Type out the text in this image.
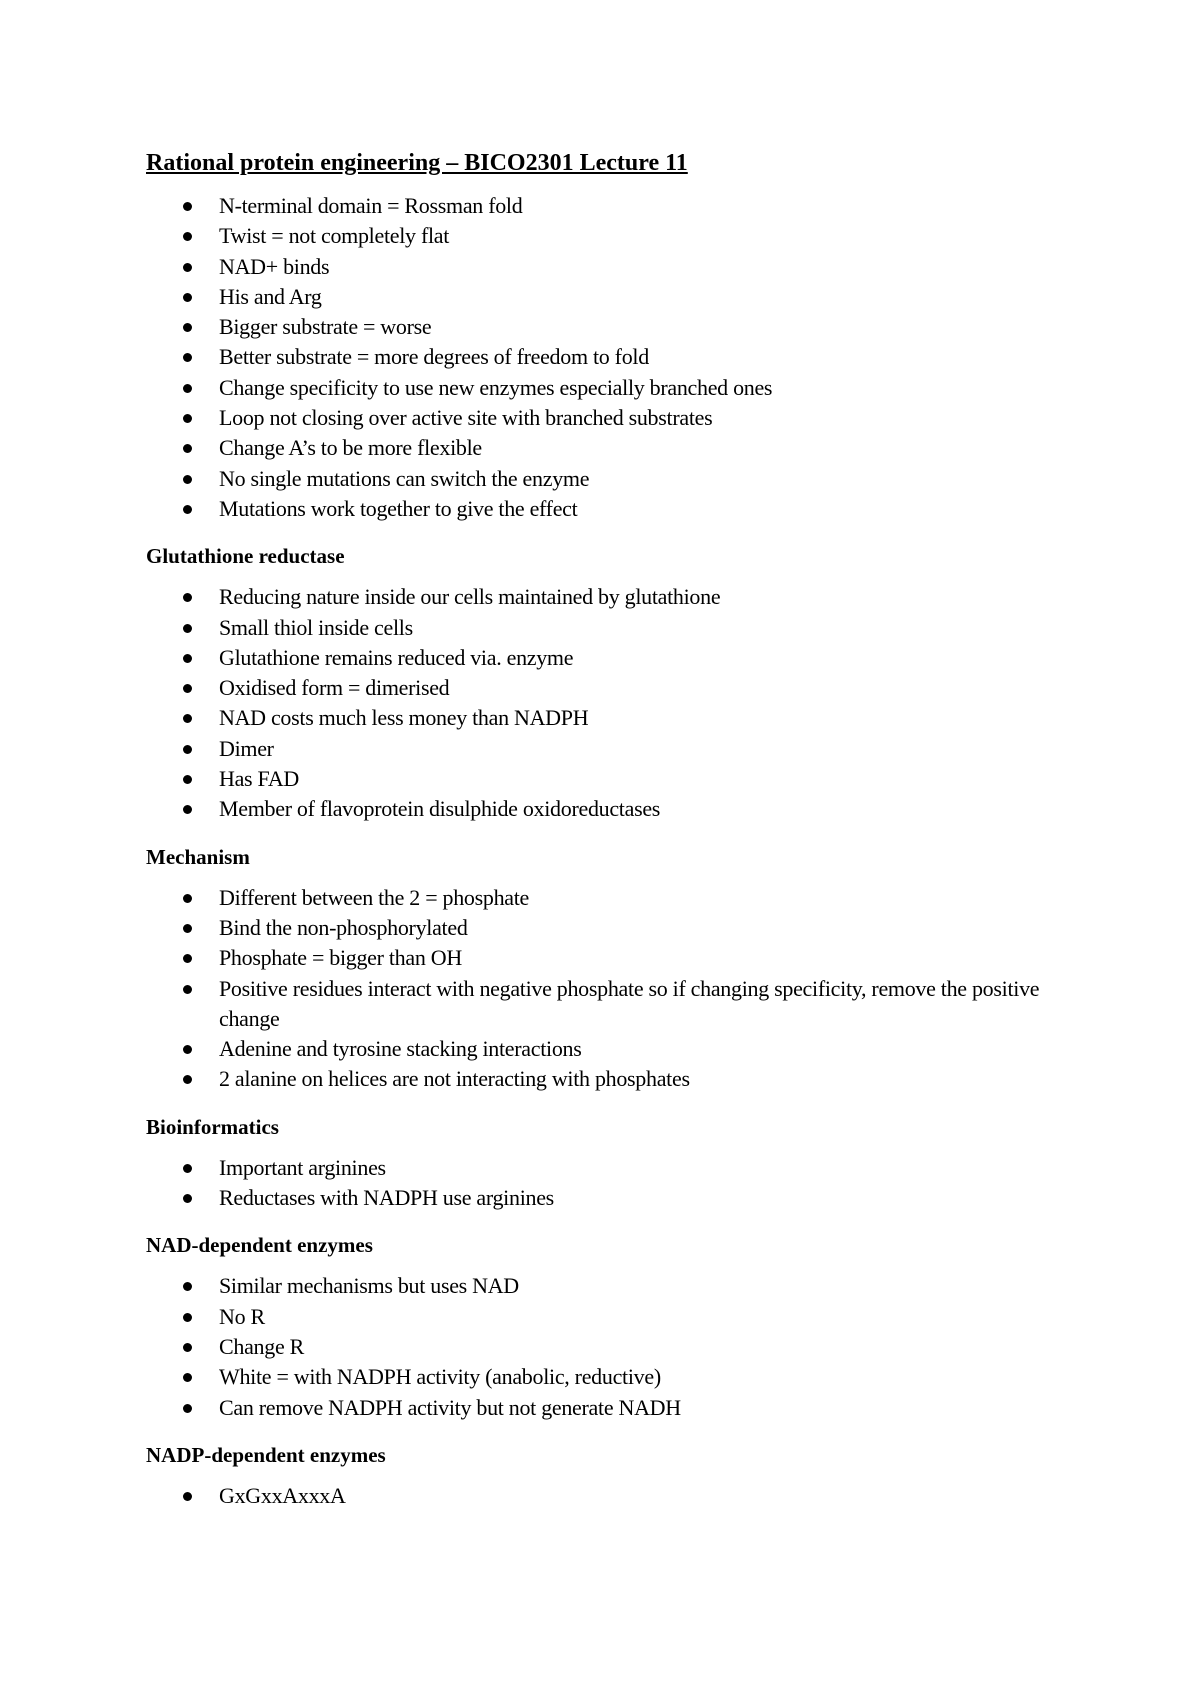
Rational protein engineering – BICO2301 Lecture 11
N-terminal domain = Rossman fold
Twist = not completely flat
NAD+ binds
His and Arg
Bigger substrate = worse
Better substrate = more degrees of freedom to fold
Change specificity to use new enzymes especially branched ones
Loop not closing over active site with branched substrates
Change A’s to be more flexible
No single mutations can switch the enzyme
Mutations work together to give the effect
Glutathione reductase
Reducing nature inside our cells maintained by glutathione
Small thiol inside cells
Glutathione remains reduced via. enzyme
Oxidised form = dimerised
NAD costs much less money than NADPH
Dimer
Has FAD
Member of flavoprotein disulphide oxidoreductases
Mechanism
Different between the 2 = phosphate
Bind the non-phosphorylated
Phosphate = bigger than OH
Positive residues interact with negative phosphate so if changing specificity, remove the positive change
Adenine and tyrosine stacking interactions
2 alanine on helices are not interacting with phosphates
Bioinformatics
Important arginines
Reductases with NADPH use arginines
NAD-dependent enzymes
Similar mechanisms but uses NAD
No R
Change R
White = with NADPH activity (anabolic, reductive)
Can remove NADPH activity but not generate NADH
NADP-dependent enzymes
GxGxxAxxxA
